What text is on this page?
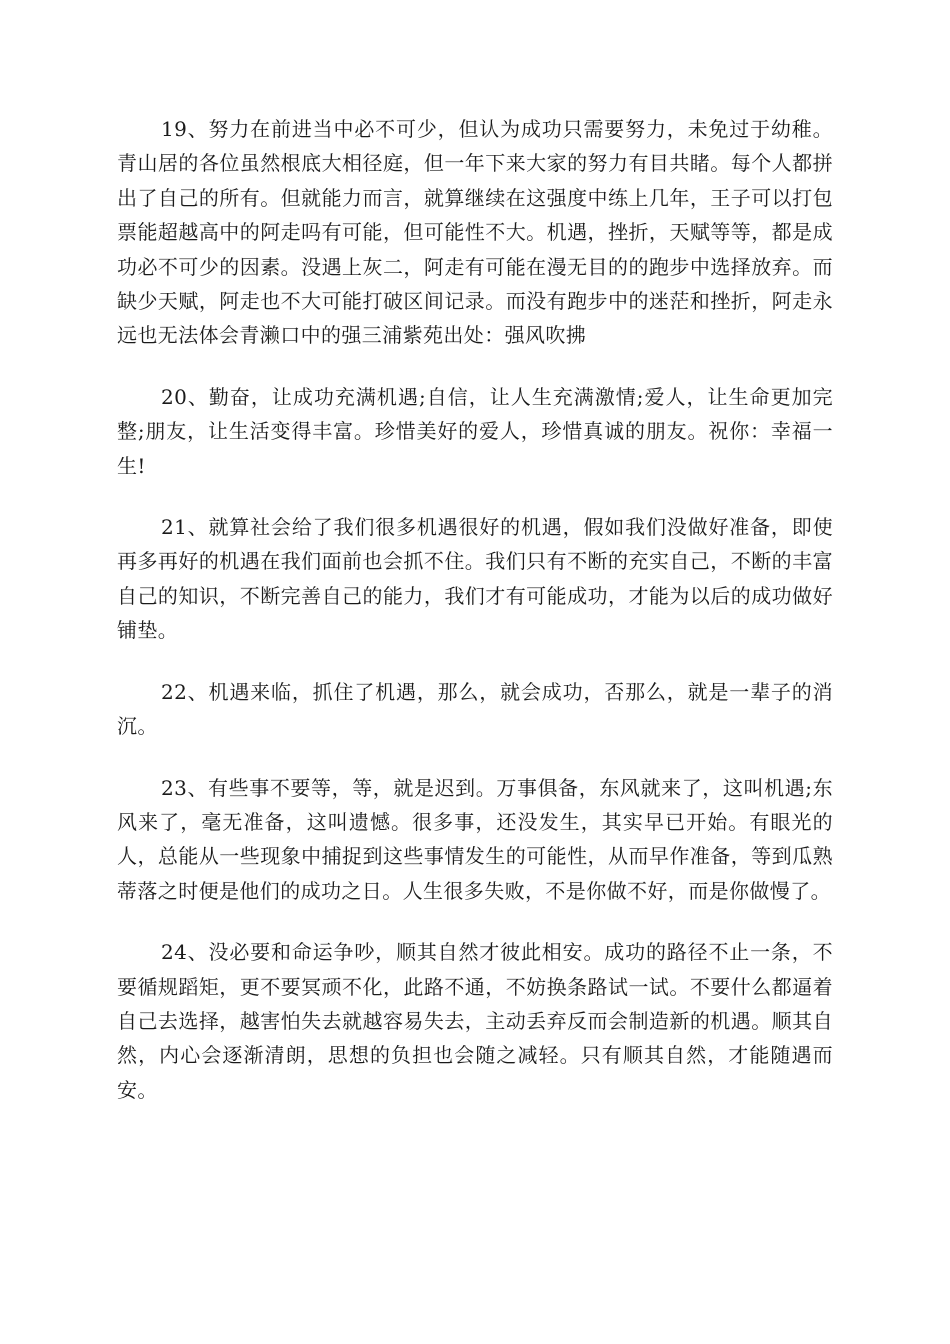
19、努力在前进当中必不可少，但认为成功只需要努力，未免过于幼稚。青山居的各位虽然根底大相径庭，但一年下来大家的努力有目共睹。每个人都拼出了自己的所有。但就能力而言，就算继续在这强度中练上几年，王子可以打包票能超越高中的阿走吗有可能，但可能性不大。机遇，挫折，天赋等等，都是成功必不可少的因素。没遇上灰二，阿走有可能在漫无目的的跑步中选择放弃。而缺少天赋，阿走也不大可能打破区间记录。而没有跑步中的迷茫和挫折，阿走永远也无法体会青濑口中的强三浦紫苑出处：强风吹拂

20、勤奋，让成功充满机遇;自信，让人生充满激情;爱人，让生命更加完整;朋友，让生活变得丰富。珍惜美好的爱人，珍惜真诚的朋友。祝你：幸福一生!

21、就算社会给了我们很多机遇很好的机遇，假如我们没做好准备，即使再多再好的机遇在我们面前也会抓不住。我们只有不断的充实自己，不断的丰富自己的知识，不断完善自己的能力，我们才有可能成功，才能为以后的成功做好铺垫。

22、机遇来临，抓住了机遇，那么，就会成功，否那么，就是一辈子的消沉。

23、有些事不要等，等，就是迟到。万事俱备，东风就来了，这叫机遇;东风来了，毫无准备，这叫遗憾。很多事，还没发生，其实早已开始。有眼光的人，总能从一些现象中捕捉到这些事情发生的可能性，从而早作准备，等到瓜熟蒂落之时便是他们的成功之日。人生很多失败，不是你做不好，而是你做慢了。

24、没必要和命运争吵，顺其自然才彼此相安。成功的路径不止一条，不要循规蹈矩，更不要冥顽不化，此路不通，不妨换条路试一试。不要什么都逼着自己去选择，越害怕失去就越容易失去，主动丢弃反而会制造新的机遇。顺其自然，内心会逐渐清朗，思想的负担也会随之减轻。只有顺其自然，才能随遇而安。
